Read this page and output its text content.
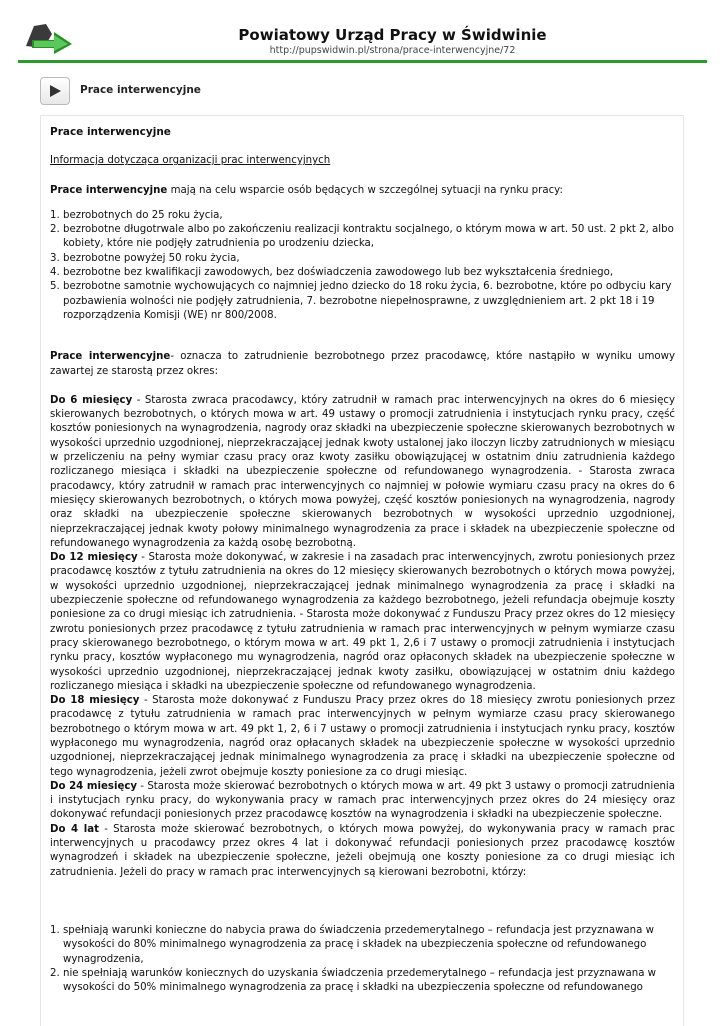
Powiatowy Urząd Pracy w Świdwinie
http://pupswidwin.pl/strona/prace-interwencyjne/72
Prace interwencyjne

Prace interwencyjne

Informacja dotycząca organizacji prac interwencyjnych

Prace interwencyjne mają na celu wsparcie osób będących w szczególnej sytuacji na rynku pracy:

1. bezrobotnych do 25 roku życia,
2. bezrobotne długotrwale albo po zakończeniu realizacji kontraktu socjalnego, o którym mowa w art. 50 ust. 2 pkt 2, albo kobiety, które nie podjęły zatrudnienia po urodzeniu dziecka,
3. bezrobotne powyżej 50 roku życia,
4. bezrobotne bez kwalifikacji zawodowych, bez doświadczenia zawodowego lub bez wykształcenia średniego,
5. bezrobotne samotnie wychowujących co najmniej jedno dziecko do 18 roku życia, 6. bezrobotne, które po odbyciu kary pozbawienia wolności nie podjęły zatrudnienia, 7. bezrobotne niepełnosprawne, z uwzględnieniem art. 2 pkt 18 i 19 rozporządzenia Komisji (WE) nr 800/2008.

Prace interwencyjne- oznacza to zatrudnienie bezrobotnego przez pracodawcę, które nastąpiło w wyniku umowy zawartej ze starostą przez okres:

Do 6 miesięcy - Starosta zwraca pracodawcy, który zatrudnił w ramach prac interwencyjnych na okres do 6 miesięcy skierowanych bezrobotnych, o których mowa w art. 49 ustawy o promocji zatrudnienia i instytucjach rynku pracy, część kosztów poniesionych na wynagrodzenia, nagrody oraz składki na ubezpieczenie społeczne skierowanych bezrobotnych w wysokości uprzednio uzgodnionej, nieprzekraczającej jednak kwoty ustalonej jako iloczyn liczby zatrudnionych w miesiącu w przeliczeniu na pełny wymiar czasu pracy oraz kwoty zasiłku obowiązującej w ostatnim dniu zatrudnienia każdego rozliczanego miesiąca i składki na ubezpieczenie społeczne od refundowanego wynagrodzenia. - Starosta zwraca pracodawcy, który zatrudnił w ramach prac interwencyjnych co najmniej w połowie wymiaru czasu pracy na okres do 6 miesięcy skierowanych bezrobotnych, o których mowa powyżej, część kosztów poniesionych na wynagrodzenia, nagrody oraz składki na ubezpieczenie społeczne skierowanych bezrobotnych w wysokości uprzednio uzgodnionej, nieprzekraczającej jednak kwoty połowy minimalnego wynagrodzenia za prace i składek na ubezpieczenie społeczne od refundowanego wynagrodzenia za każdą osobę bezrobotną.

Do 12 miesięcy - Starosta może dokonywać, w zakresie i na zasadach prac interwencyjnych, zwrotu poniesionych przez pracodawcę kosztów z tytułu zatrudnienia na okres do 12 miesięcy skierowanych bezrobotnych o których mowa powyżej, w wysokości uprzednio uzgodnionej, nieprzekraczającej jednak minimalnego wynagrodzenia za pracę i składki na ubezpieczenie społeczne od refundowanego wynagrodzenia za każdego bezrobotnego, jeżeli refundacja obejmuje koszty poniesione za co drugi miesiąc ich zatrudnienia. - Starosta może dokonywać z Funduszu Pracy przez okres do 12 miesięcy zwrotu poniesionych przez pracodawcę z tytułu zatrudnienia w ramach prac interwencyjnych w pełnym wymiarze czasu pracy skierowanego bezrobotnego, o którym mowa w art. 49 pkt 1, 2,6 i 7 ustawy o promocji zatrudnienia i instytucjach rynku pracy, kosztów wypłaconego mu wynagrodzenia, nagród oraz opłaconych składek na ubezpieczenie społeczne w wysokości uprzednio uzgodnionej, nieprzekraczającej jednak kwoty zasiłku, obowiązującej w ostatnim dniu każdego rozliczanego miesiąca i składki na ubezpieczenie społeczne od refundowanego wynagrodzenia.

Do 18 miesięcy - Starosta może dokonywać z Funduszu Pracy przez okres do 18 miesięcy zwrotu poniesionych przez pracodawcę z tytułu zatrudnienia w ramach prac interwencyjnych w pełnym wymiarze czasu pracy skierowanego bezrobotnego o którym mowa w art. 49 pkt 1, 2, 6 i 7 ustawy o promocji zatrudnienia i instytucjach rynku pracy, kosztów wypłaconego mu wynagrodzenia, nagród oraz opłacanych składek na ubezpieczenie społeczne w wysokości uprzednio uzgodnionej, nieprzekraczającej jednak minimalnego wynagrodzenia za pracę i składki na ubezpieczenie społeczne od tego wynagrodzenia, jeżeli zwrot obejmuje koszty poniesione za co drugi miesiąc.

Do 24 miesięcy - Starosta może skierować bezrobotnych o których mowa w art. 49 pkt 3 ustawy o promocji zatrudnienia i instytucjach rynku pracy, do wykonywania pracy w ramach prac interwencyjnych przez okres do 24 miesięcy oraz dokonywać refundacji poniesionych przez pracodawcę kosztów na wynagrodzenia i składki na ubezpieczenie społeczne.

Do 4 lat - Starosta może skierować bezrobotnych, o których mowa powyżej, do wykonywania pracy w ramach prac interwencyjnych u pracodawcy przez okres 4 lat i dokonywać refundacji poniesionych przez pracodawcę kosztów wynagrodzeń i składek na ubezpieczenie społeczne, jeżeli obejmują one koszty poniesione za co drugi miesiąc ich zatrudnienia. Jeżeli do pracy w ramach prac interwencyjnych są kierowani bezrobotni, którzy:

1. spełniają warunki konieczne do nabycia prawa do świadczenia przedemerytalnego – refundacja jest przyznawana w wysokości do 80% minimalnego wynagrodzenia za pracę i składek na ubezpieczenia społeczne od refundowanego wynagrodzenia,
2. nie spełniają warunków koniecznych do uzyskania świadczenia przedemerytalnego – refundacja jest przyznawana w wysokości do 50% minimalnego wynagrodzenia za pracę i składki na ubezpieczenia społeczne od refundowanego
